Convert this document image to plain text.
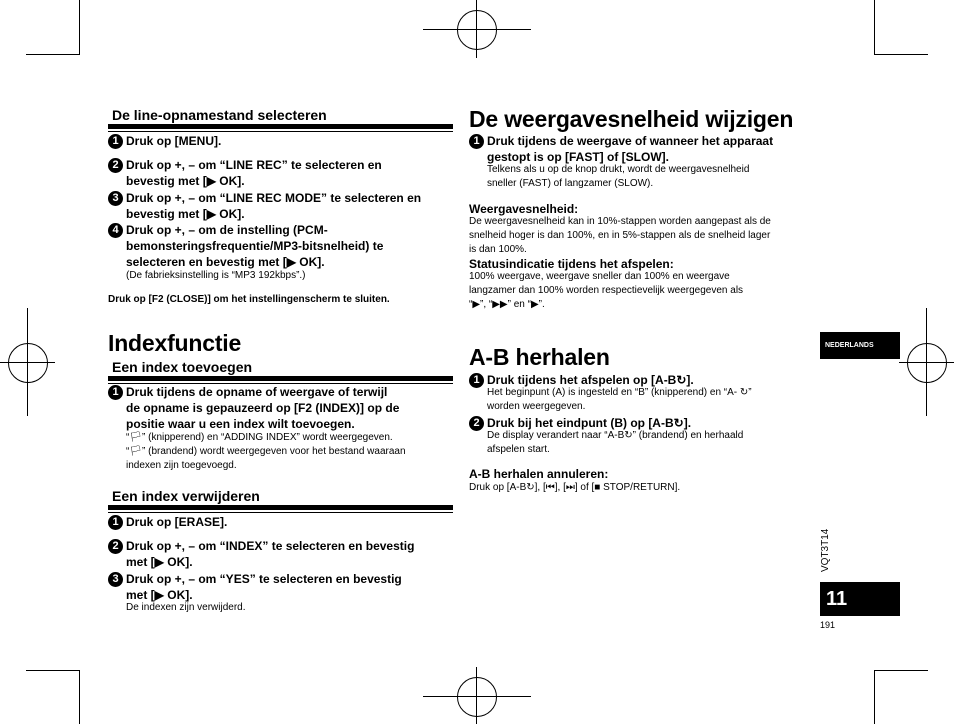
De line-opnamestand selecteren
1 Druk op [MENU].
2 Druk op +, – om “LINE REC” te selecteren en
bevestig met [▶ OK].
3 Druk op +, – om “LINE REC MODE” te selecteren en
bevestig met [▶ OK].
4 Druk op +, – om de instelling (PCM-
bemonsteringsfrequentie/MP3-bitsnelheid) te
selecteren en bevestig met [▶ OK].
(De fabrieksinstelling is “MP3 192kbps”.)
Druk op [F2 (CLOSE)] om het instellingenscherm te sluiten.
Indexfunctie
Een index toevoegen
1 Druk tijdens de opname of weergave of terwijl
de opname is gepauzeerd op [F2 (INDEX)] op de
positie waar u een index wilt toevoegen.
“🏳” (knipperend) en “ADDING INDEX” wordt weergegeven.
“🏳” (brandend) wordt weergegeven voor het bestand waaraan
indexen zijn toegevoegd.
Een index verwijderen
1 Druk op [ERASE].
2 Druk op +, – om “INDEX” te selecteren en bevestig
met [▶ OK].
3 Druk op +, – om “YES” te selecteren en bevestig
met [▶ OK].
De indexen zijn verwijderd.
De weergavesnelheid wijzigen
1 Druk tijdens de weergave of wanneer het apparaat
gestopt is op [FAST] of [SLOW].
Telkens als u op de knop drukt, wordt de weergavesnelheid
sneller (FAST) of langzamer (SLOW).
Weergavesnelheid:
De weergavesnelheid kan in 10%-stappen worden aangepast als de
snelheid hoger is dan 100%, en in 5%-stappen als de snelheid lager
is dan 100%.
Statusindicatie tijdens het afspelen:
100% weergave, weergave sneller dan 100% en weergave
langzamer dan 100% worden respectievelijk weergegeven als
“▶”, “▶▶” en “▶”.
A-B herhalen
1 Druk tijdens het afspelen op [A-B↻].
Het beginpunt (A) is ingesteld en “B” (knipperend) en “A- ↻”
worden weergegeven.
2 Druk bij het eindpunt (B) op [A-B↻].
De display verandert naar “A-B↻” (brandend) en herhaald
afspelen start.
A-B herhalen annuleren:
Druk op [A-B↻], [⏮], [⏭] of [■ STOP/RETURN].
NEDERLANDS
VQT3T14
11
191
